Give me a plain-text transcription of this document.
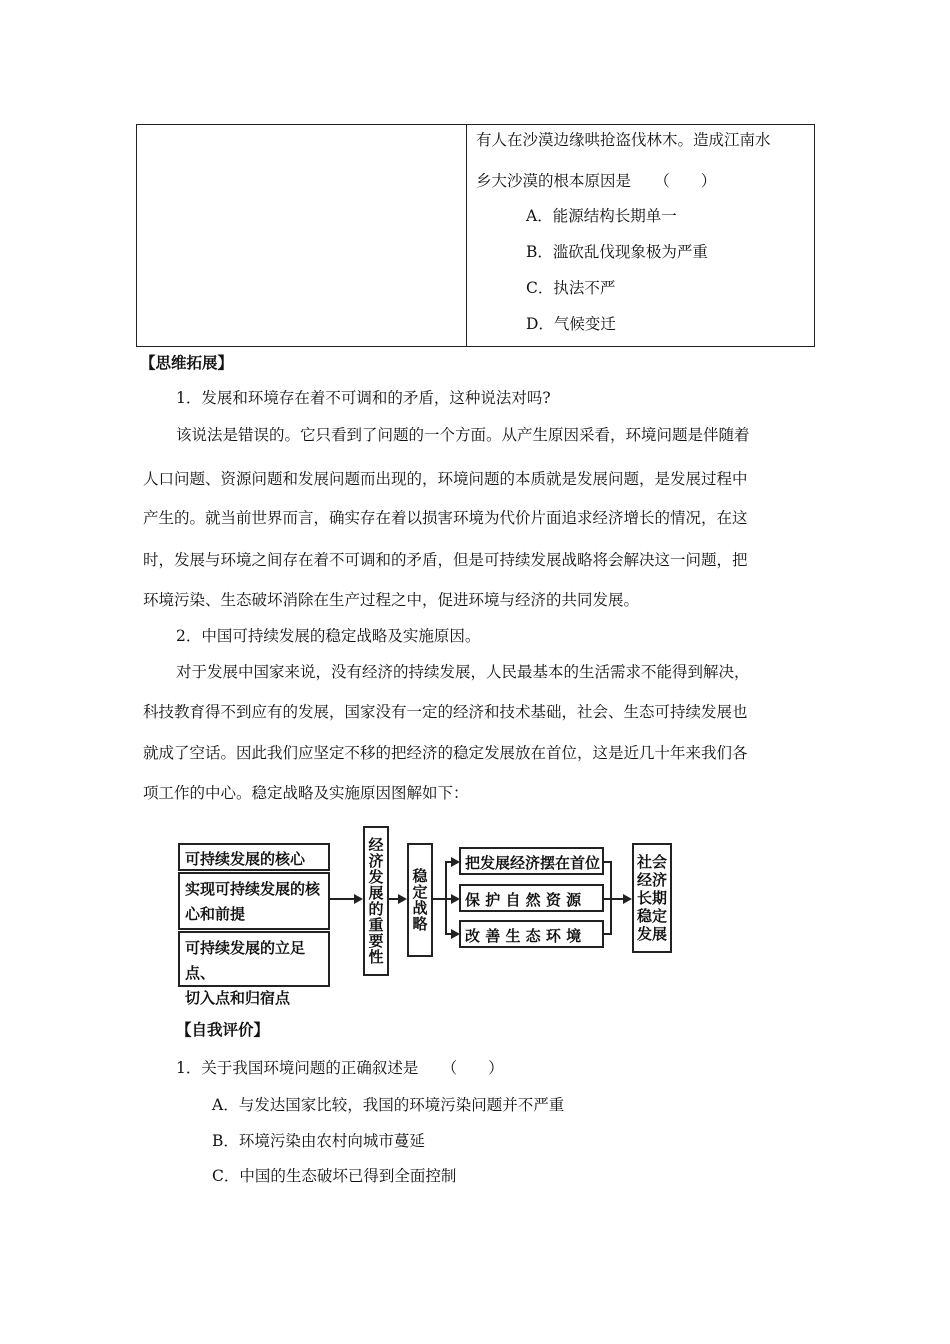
有人在沙漠边缘哄抢盗伐林木。造成江南水
乡大沙漠的根本原因是　　（　　）
A．能源结构长期单一
B．滥砍乱伐现象极为严重
C．执法不严
D．气候变迁
【思维拓展】
1．发展和环境存在着不可调和的矛盾，这种说法对吗?
该说法是错误的。它只看到了问题的一个方面。从产生原因采看，环境问题是伴随着
人口问题、资源问题和发展问题而出现的，环境问题的本质就是发展问题，是发展过程中
产生的。就当前世界而言，确实存在着以损害环境为代价片面追求经济增长的情况，在这
时，发展与环境之间存在着不可调和的矛盾，但是可持续发展战略将会解决这一问题，把
环境污染、生态破坏消除在生产过程之中，促进环境与经济的共同发展。
2．中国可持续发展的稳定战略及实施原因。
对于发展中国家来说，没有经济的持续发展，人民最基本的生活需求不能得到解决，
科技教育得不到应有的发展，国家没有一定的经济和技术基础，社会、生态可持续发展也
就成了空话。因此我们应坚定不移的把经济的稳定发展放在首位，这是近几十年来我们各
项工作的中心。稳定战略及实施原因图解如下：
可持续发展的核心
实现可持续发展的核
心和前提
可持续发展的立足点、
切入点和归宿点
经济发展的重要性	稳定战略
把发展经济摆在首位
保 护 自 然 资 源
改 善 生 态 环 境
社会经济长期稳定发展
【自我评价】
1．关于我国环境问题的正确叙述是　　（　　）
A．与发达国家比较，我国的环境污染问题并不严重
B．环境污染由农村向城市蔓延
C．中国的生态破坏已得到全面控制
